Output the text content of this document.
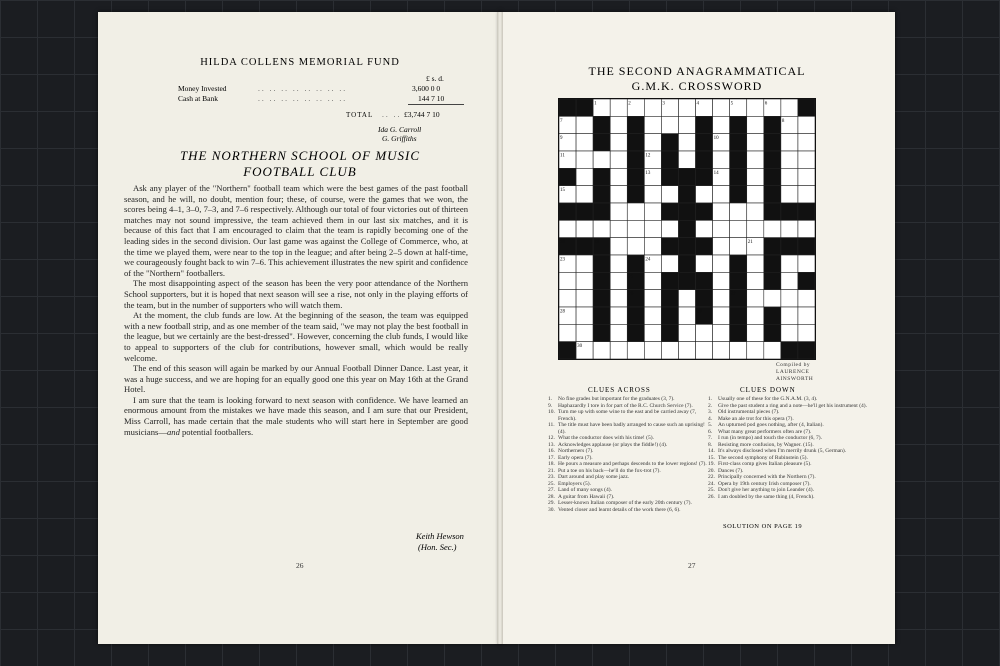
HILDA COLLENS MEMORIAL FUND
£ s. d.
Money Invested	.. .. .. .. .. .. .. ..	3,600 0 0
Cash at Bank	.. .. .. .. .. .. .. ..	144 7 10
TOTAL .. .. £3,744 7 10
Ida G. Carroll
G. Griffiths
THE NORTHERN SCHOOL OF MUSIC
FOOTBALL CLUB

Ask any player of the "Northern" football team which were the best games of the past football season, and he will, no doubt, mention four; these, of course, were the games that we won, the scores being 4–1, 3–0, 7–3, and 7–6 respectively. Although our total of four victories out of thirteen matches may not sound impressive, the team achieved them in our last six matches, and it is because of this fact that I am encouraged to claim that the team is rapidly becoming one of the leading sides in the second division. Our last game was against the College of Commerce, who, at the time we played them, were near to the top in the league; and after being 2–5 down at half-time, we courageously fought back to win 7–6. This achievement illustrates the new spirit and confidence of the "Northern" footballers.

The most disappointing aspect of the season has been the very poor attendance of the Northern School supporters, but it is hoped that next season will see a rise, not only in the playing efforts of the team, but in the number of supporters who will watch them.

At the moment, the club funds are low. At the beginning of the season, the team was equipped with a new football strip, and as one member of the team said, "we may not play the best football in the league, but we certainly are the best-dressed". However, concerning the club funds, I would like to appeal to supporters of the club for contributions, however small, which would be really welcome.

The end of this season will again be marked by our Annual Football Dinner Dance. Last year, it was a huge success, and we are hoping for an equally good one this year on May 16th at the Grand Hotel.

I am sure that the team is looking forward to next season with confidence. We have learned an enormous amount from the mistakes we have made this season, and I am sure that our President, Miss Carroll, has made certain that the male students who will start here in September are good musicians—and potential footballers.

Keith Hewson
(Hon. Sec.)
26
THE SECOND ANAGRAMMATICAL
G.M.K. CROSSWORD
1	2	3	4	5	6
7	8
9	10
11	12
13	14
15
16	17
18	19	20	21 22
23	24
25
26	27
28	29
30
Compiled by
LAURENCE
AINSWORTH
CLUES ACROSS	CLUES DOWN
1. No fine grades but important for the graduates (3, 7).
9. Haphazardly I tore in for part of the R.C. Church Service (7).
10. Turn me up with some wine to the east and be carried away (7, French).
11. The title must have been badly arranged to cause such an uprising! (4).
12. What the conductor does with his time! (5).
13. Acknowledges applause (or plays the fiddle!) (4).
16. Northerners (7).
17. Early opera (7).
18. He pours a measure and perhaps descends to the lower regions! (7).
21. Put a toe on his back—he'll do the fox-trot (7).
23. Dart around and play some jazz.
25. Employers (5).
27. Land of many songs (4).
28. A guitar from Hawaii (7).
29. Lesser-known Italian composer of the early 20th century (7).
30. Vented closer and learnt details of the work there (6, 6).
1. Usually one of these for the G.N.A.M. (3, 4).
2. Give the past student a ring and a note—he'll get his instrument (4).
3. Old instrumental pieces (7).
4. Make an ale trot for this opera (7).
5. An upturned pod goes nothing, after (4, Italian).
6. What many great performers often are (7).
7. I run (in tempo) and touch the conductor (6, 7).
8. Resisting more confusion, by Wagner. (15).
14. It's always disclosed when I'm merrily drunk (5, German).
15. The second symphony of Rubinstein (5).
19. First-class comp gives Italian pleasure (5).
20. Dances (7).
22. Principally concerned with the Northern (7).
24. Opera by 19th century Irish composer (7).
25. Don't give her anything to join Leander (4).
26. I am doubled by the same thing (4, French).
SOLUTION ON PAGE 19
27
